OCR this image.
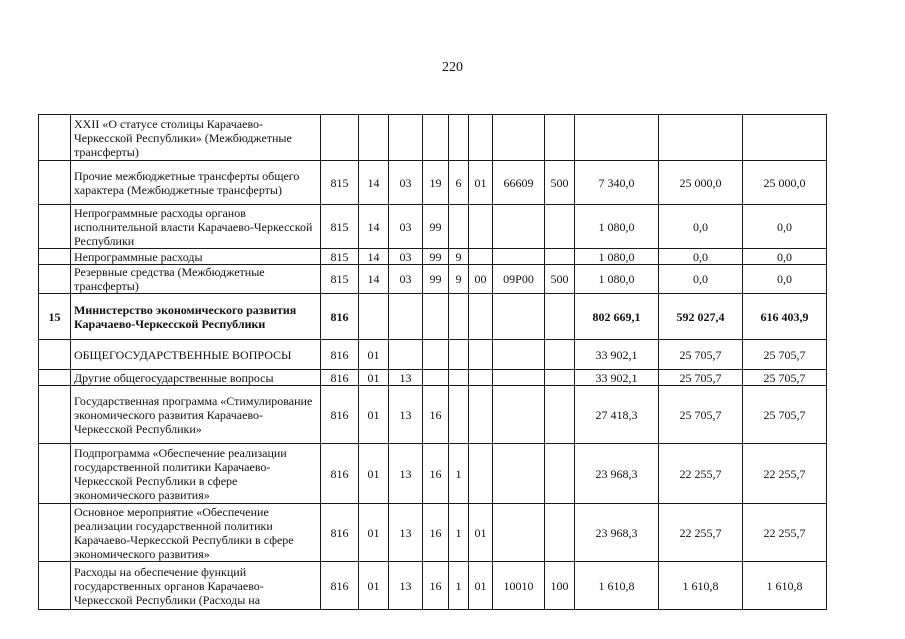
220
	XXII «О статусе столицы Карачаево-Черкесской Республики» (Межбюджетные трансферты)											
	Прочие межбюджетные трансферты общего характера (Межбюджетные трансферты)	815	14	03	19	6	01	66609	500	7 340,0	25 000,0	25 000,0
	Непрограммные расходы органов исполнительной власти Карачаево-Черкесской Республики	815	14	03	99					1 080,0	0,0	0,0
	Непрограммные расходы	815	14	03	99	9				1 080,0	0,0	0,0
	Резервные средства (Межбюджетные трансферты)	815	14	03	99	9	00	09Р00	500	1 080,0	0,0	0,0
15	Министерство экономического развития Карачаево-Черкесской Республики	816								802 669,1	592 027,4	616 403,9
	ОБЩЕГОСУДАРСТВЕННЫЕ ВОПРОСЫ	816	01							33 902,1	25 705,7	25 705,7
	Другие общегосударственные вопросы	816	01	13						33 902,1	25 705,7	25 705,7
	Государственная программа «Стимулирование экономического развития Карачаево-Черкесской Республики»	816	01	13	16					27 418,3	25 705,7	25 705,7
	Подпрограмма «Обеспечение реализации государственной политики Карачаево-Черкесской Республики в сфере экономического развития»	816	01	13	16	1				23 968,3	22 255,7	22 255,7
	Основное мероприятие «Обеспечение реализации государственной политики Карачаево-Черкесской Республики в сфере экономического развития»	816	01	13	16	1	01			23 968,3	22 255,7	22 255,7
	Расходы на обеспечение функций государственных органов Карачаево-Черкесской Республики (Расходы на	816	01	13	16	1	01	10010	100	1 610,8	1 610,8	1 610,8
